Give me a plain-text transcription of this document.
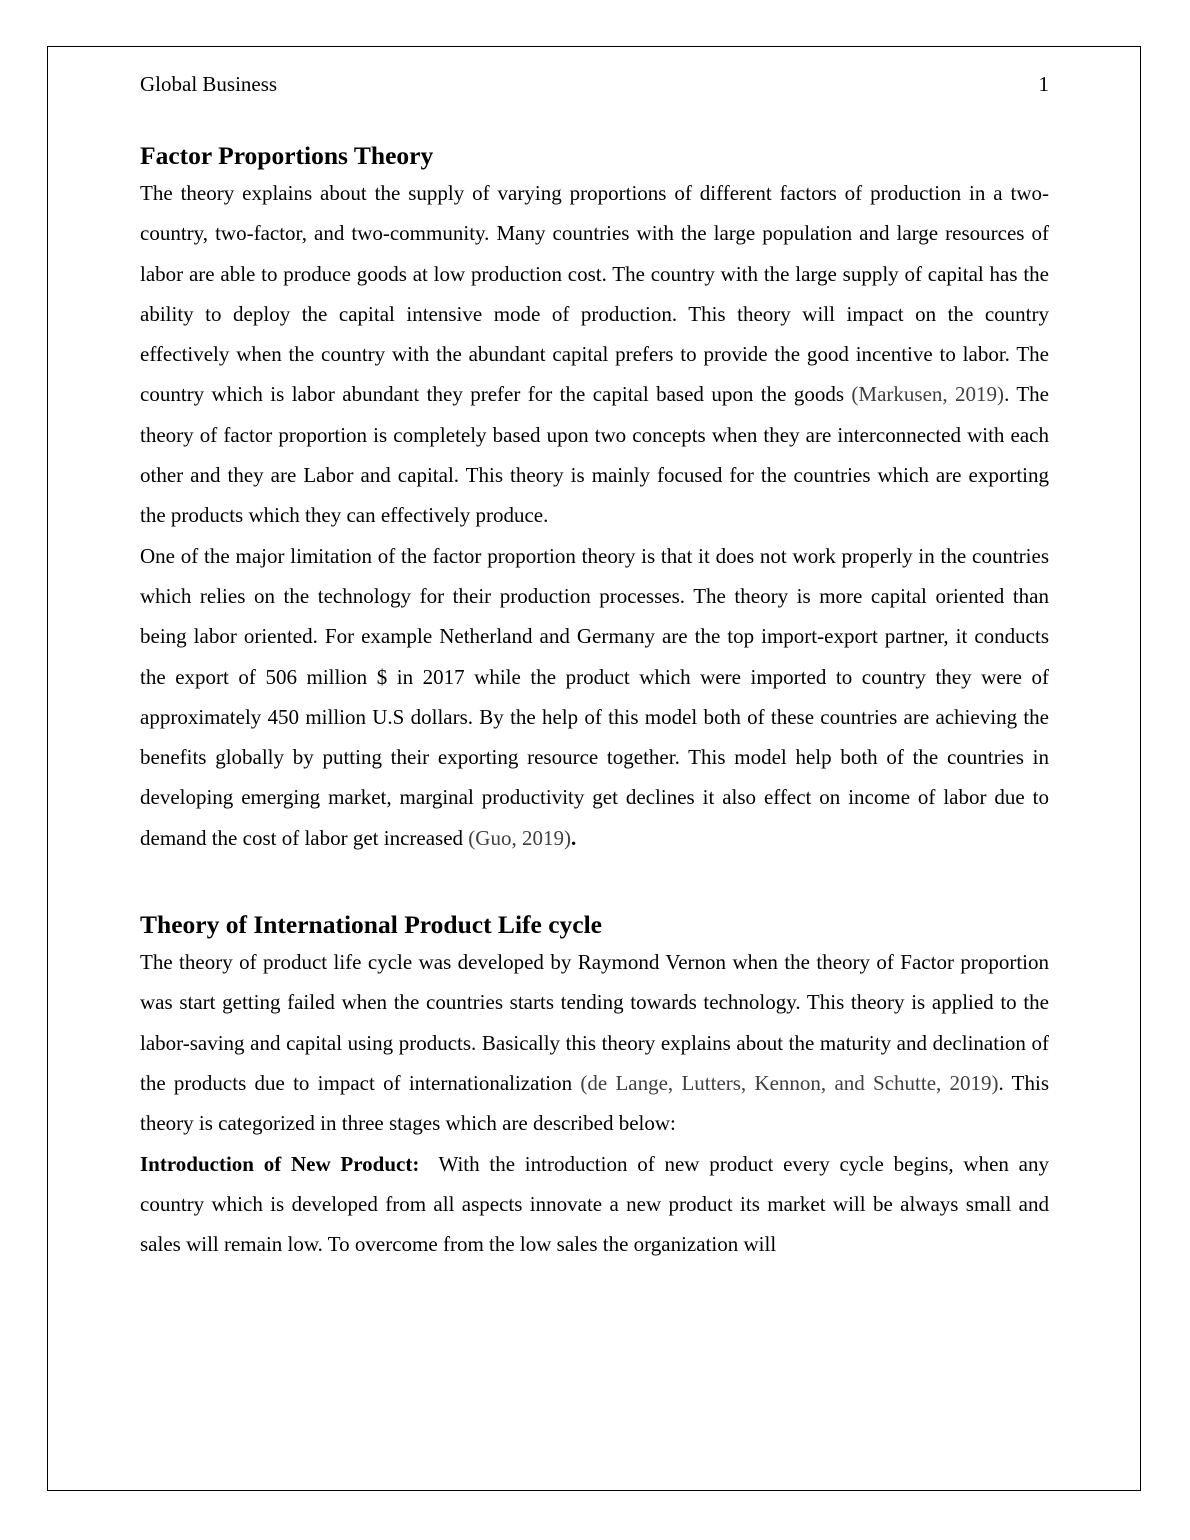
Global Business	1
Factor Proportions Theory

The theory explains about the supply of varying proportions of different factors of production in a two-country, two-factor, and two-community. Many countries with the large population and large resources of labor are able to produce goods at low production cost. The country with the large supply of capital has the ability to deploy the capital intensive mode of production. This theory will impact on the country effectively when the country with the abundant capital prefers to provide the good incentive to labor. The country which is labor abundant they prefer for the capital based upon the goods (Markusen, 2019). The theory of factor proportion is completely based upon two concepts when they are interconnected with each other and they are Labor and capital. This theory is mainly focused for the countries which are exporting the products which they can effectively produce.

One of the major limitation of the factor proportion theory is that it does not work properly in the countries which relies on the technology for their production processes. The theory is more capital oriented than being labor oriented. For example Netherland and Germany are the top import-export partner, it conducts the export of 506 million $ in 2017 while the product which were imported to country they were of approximately 450 million U.S dollars. By the help of this model both of these countries are achieving the benefits globally by putting their exporting resource together. This model help both of the countries in developing emerging market, marginal productivity get declines it also effect on income of labor due to demand the cost of labor get increased (Guo, 2019).

Theory of International Product Life cycle

The theory of product life cycle was developed by Raymond Vernon when the theory of Factor proportion was start getting failed when the countries starts tending towards technology. This theory is applied to the labor-saving and capital using products. Basically this theory explains about the maturity and declination of the products due to impact of internationalization (de Lange, Lutters, Kennon, and Schutte, 2019). This theory is categorized in three stages which are described below:

Introduction of New Product:  With the introduction of new product every cycle begins, when any country which is developed from all aspects innovate a new product its market will be always small and sales will remain low. To overcome from the low sales the organization will
